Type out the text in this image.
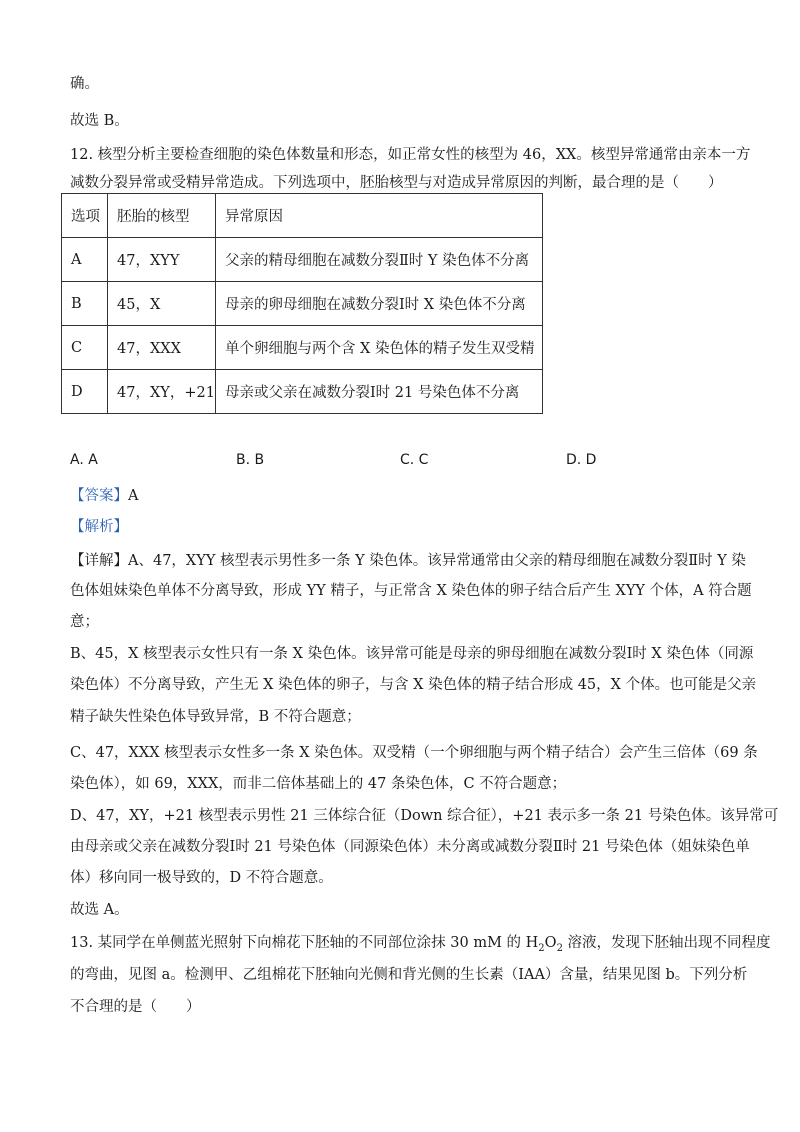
确。
故选 B。
12. 核型分析主要检查细胞的染色体数量和形态，如正常女性的核型为 46，XX。核型异常通常由亲本一方
减数分裂异常或受精异常造成。下列选项中，胚胎核型与对造成异常原因的判断，最合理的是（　　）
选项	胚胎的核型	异常原因
A	47，XYY	父亲的精母细胞在减数分裂Ⅱ时 Y 染色体不分离
B	45，X	母亲的卵母细胞在减数分裂Ⅰ时 X 染色体不分离
C	47，XXX	单个卵细胞与两个含 X 染色体的精子发生双受精
D	47，XY，+21	母亲或父亲在减数分裂Ⅰ时 21 号染色体不分离
A. A	B. B	C. C	D. D
【答案】A
【解析】
【详解】A、47，XYY 核型表示男性多一条 Y 染色体。该异常通常由父亲的精母细胞在减数分裂Ⅱ时 Y 染
色体姐妹染色单体不分离导致，形成 YY 精子，与正常含 X 染色体的卵子结合后产生 XYY 个体，A 符合题
意；
B、45，X 核型表示女性只有一条 X 染色体。该异常可能是母亲的卵母细胞在减数分裂Ⅰ时 X 染色体（同源
染色体）不分离导致，产生无 X 染色体的卵子，与含 X 染色体的精子结合形成 45，X 个体。也可能是父亲
精子缺失性染色体导致异常，B 不符合题意；
C、47，XXX 核型表示女性多一条 X 染色体。双受精（一个卵细胞与两个精子结合）会产生三倍体（69 条
染色体），如 69，XXX，而非二倍体基础上的 47 条染色体，C 不符合题意；
D、47，XY，+21 核型表示男性 21 三体综合征（Down 综合征），+21 表示多一条 21 号染色体。该异常可
由母亲或父亲在减数分裂Ⅰ时 21 号染色体（同源染色体）未分离或减数分裂Ⅱ时 21 号染色体（姐妹染色单
体）移向同一极导致的，D 不符合题意。
故选 A。
13. 某同学在单侧蓝光照射下向棉花下胚轴的不同部位涂抹 30 mM 的 $H_2O_2$ 溶液，发现下胚轴出现不同程度
的弯曲，见图 a。检测甲、乙组棉花下胚轴向光侧和背光侧的生长素（IAA）含量，结果见图 b。下列分析
不合理的是（　　）
